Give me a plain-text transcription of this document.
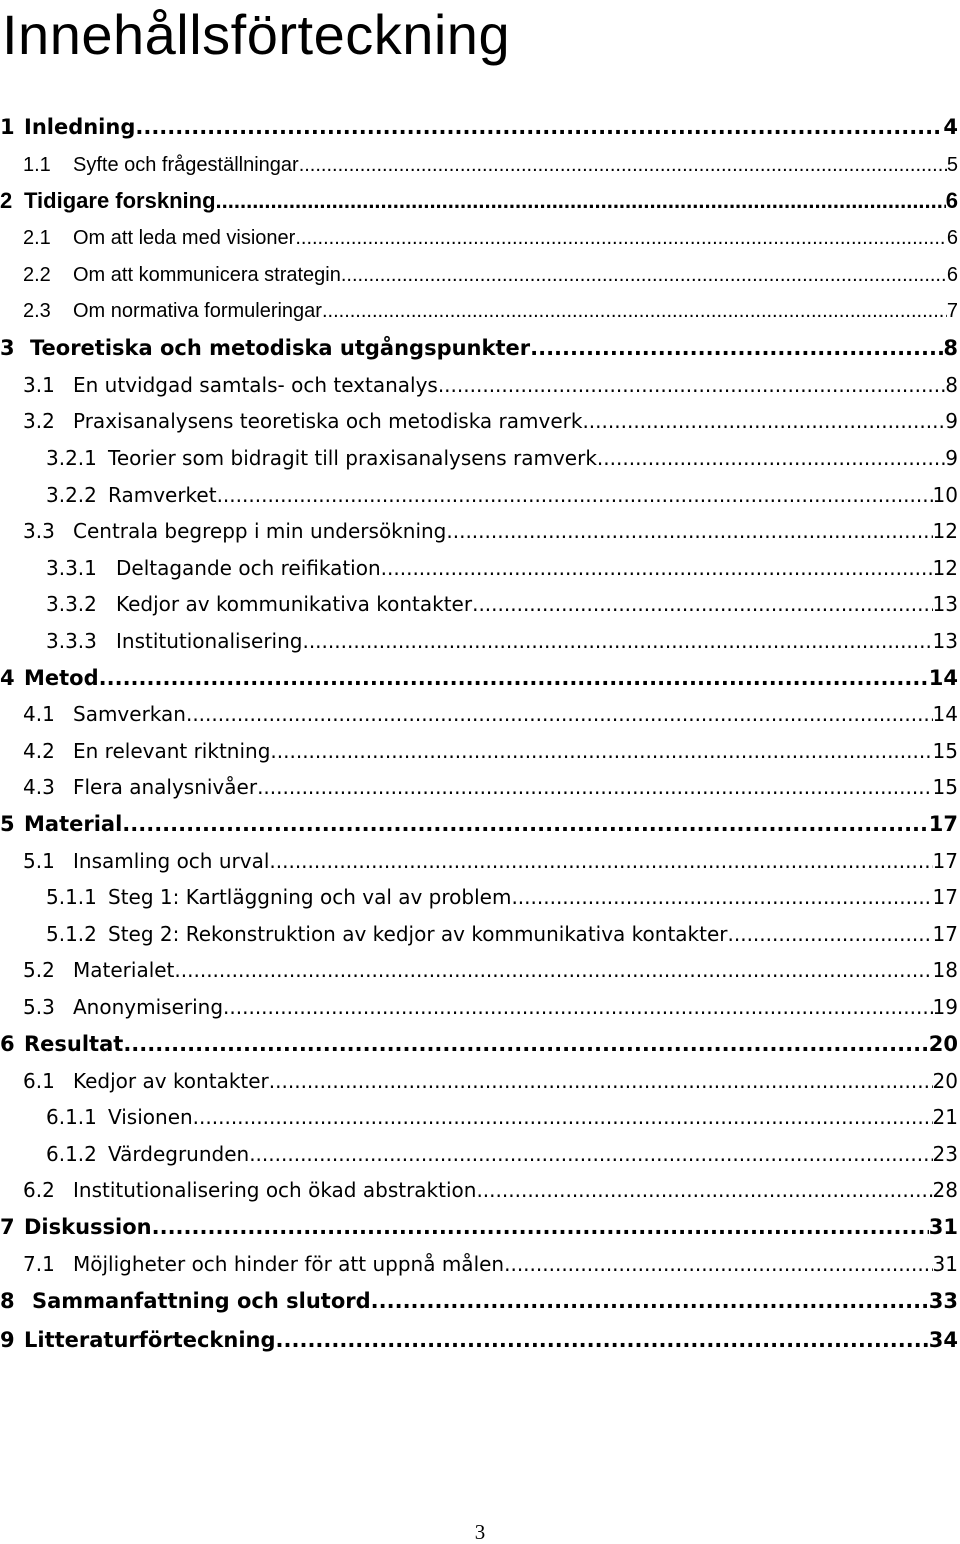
Innehållsförteckning
1 Inledning .....	4
1.1	Syfte och frågeställningar .....	5
2 Tidigare forskning .....	6
2.1	Om att leda med visioner .....	6
2.2	Om att kommunicera strategin .....	6
2.3	Om normativa formuleringar .....	7
3 Teoretiska och metodiska utgångspunkter .....	8
3.1 En utvidgad samtals- och textanalys .....	8
3.2 Praxisanalysens teoretiska och metodiska ramverk .....	9
3.2.1 Teorier som bidragit till praxisanalysens ramverk .....	9
3.2.2 Ramverket .....	10
3.3 Centrala begrepp i min undersökning .....	12
3.3.1 Deltagande och reifikation .....	12
3.3.2 Kedjor av kommunikativa kontakter .....	13
3.3.3 Institutionalisering .....	13
4 Metod .....	14
4.1 Samverkan .....	14
4.2 En relevant riktning .....	15
4.3 Flera analysnivåer .....	15
5 Material .....	17
5.1 Insamling och urval .....	17
5.1.1 Steg 1: Kartläggning och val av problem .....	17
5.1.2 Steg 2: Rekonstruktion av kedjor av kommunikativa kontakter .....	17
5.2 Materialet .....	18
5.3 Anonymisering .....	19
6 Resultat .....	20
6.1 Kedjor av kontakter .....	20
6.1.1 Visionen .....	21
6.1.2 Värdegrunden .....	23
6.2 Institutionalisering och ökad abstraktion .....	28
7 Diskussion .....	31
7.1 Möjligheter och hinder för att uppnå målen .....	31
8 Sammanfattning och slutord .....	33
9 Litteraturförteckning .....	34
3
